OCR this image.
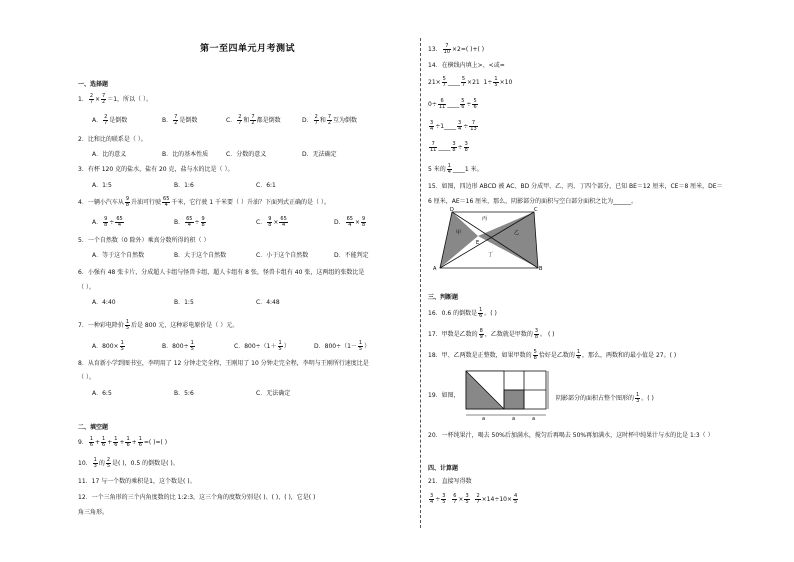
第一至四单元月考测试
一、选择题
1． $\frac{2}{7} \times \frac{7}{2} =1$，所以（ ）。
A． $\frac{2}{7}$ 是倒数	B． $\frac{7}{2}$ 是倒数	C． $\frac{2}{7}$ 和 $\frac{7}{2}$ 都是倒数	D． $\frac{2}{7}$ 和 $\frac{7}{2}$ 互为倒数
2．比和比的联系是（ ）。
A．比的意义	B．比的基本性质	C．分数的意义	D．无法确定
3．有杯 120 克的盐水，盐有 20 克，盐与水的比是（ ）。
A．1:5	B．1:6	C．6:1
4．一辆小汽车从 $\frac{9}{8}$ 升油可行驶 $\frac{65}{4}$ 千米，它行驶 1 千米要（ ）升油？下面列式正确的是（ ）。
A． $\frac{9}{8} \div \frac{65}{4}$	B． $\frac{65}{4} \div \frac{9}{8}$	C． $\frac{9}{8} \times \frac{65}{4}$	D． $\frac{65}{4} \times \frac{9}{8}$
5．一个自然数（0 除外）乘真分数所得的积（ ）
A．等于这个自然数	B．大于这个自然数	C．小于这个自然数	D．不能判定
6．小强有 48 张卡片，分成超人卡组与怪兽卡组，超人卡组有 8 张，怪兽卡组有 40 张，这两组的张数比是
（ ）。
A．4:40	B．1:5	C．4:48
7．一种彩电降价 $\frac{1}{5}$ 后是 800 元，这种彩电原价是（ ）元。
A．$800\times \frac{1}{5}$	B．$800\div \frac{1}{5}$	C．$800\div(1+ \frac{1}{5}$ ）	D．$800\div(1- \frac{1}{5}$ ）
8．从育新小学到图书室，李明用了 12 分钟走完全程，王刚用了 10 分钟走完全程，李明与王刚所行速度比是
（ ）。
A．6:5	B．5:6	C．无法确定
二、填空题
9． $\frac{1}{6} + \frac{1}{6} + \frac{1}{6} + \frac{1}{6} + \frac{1}{6}$ =( )=( )
10． $\frac{1}{3}$ 的 $\frac{2}{5}$ 是( )，0.5 的倒数是( )。
11．17 与一个数的乘积是1，这个数是( )。
12．一个三角形的三个内角度数的比 1:2:3，这三个角的度数分别是( )、( )、( )，它是( )
角三角形。
13． $\frac{7}{10} \times 2=$( )+( )
14．在横线内填上>、<或=
$21\times \frac{5}{7}$ ____ $\frac{5}{7} \times 21$ $1\div \frac{1}{5} \times 10$
$0\div \frac{6}{11}$ ____ $\frac{5}{6} \div \frac{5}{6}$
$\frac{3}{4}$ ÷1____ $\frac{3}{4} \div \frac{7}{13}$
$\frac{7}{11}$ ____ $\frac{3}{8} \div \frac{3}{8}$
5 米的 $\frac{1}{4}$ ____1 米。
15．如图，四边形 ABCD 被 AC、BD 分成甲、乙、丙、丁四个部分，已知 BE＝12 厘米，CE＝8 厘米，DE＝
6 厘米，AE＝16 厘米，那么，阴影部分的面积与空白部分面积之比为______。
D	C
A	B
E
甲	乙
丙
丁
三、判断题
16．0.6 的倒数是 $\frac{1}{6}$ 。( )
17．甲数是乙数的 $\frac{8}{9}$ ，乙数就是甲数的 $\frac{3}{8}$ 。 ( )
18．甲、乙两数是正整数，如果甲数的 $\frac{5}{8}$ 恰好是乙数的 $\frac{1}{4}$ ，那么，两数和的最小值是 27。( )
19．如图，
a	a	a
阴影部分的面积占整个图形的 $\frac{1}{3}$ 。( )
20．一杯纯果汁，喝去 50%后加满水，搅匀后再喝去 50%再加满水，这时杯中纯果汁与水的比是 1:3（ ）
四、计算题
21．直接写得数
$\frac{3}{4} \div \frac{3}{5}$
$\frac{6}{7} \times \frac{3}{5}$
$\frac{2}{7} \times 14\div 10\times \frac{4}{5}$
